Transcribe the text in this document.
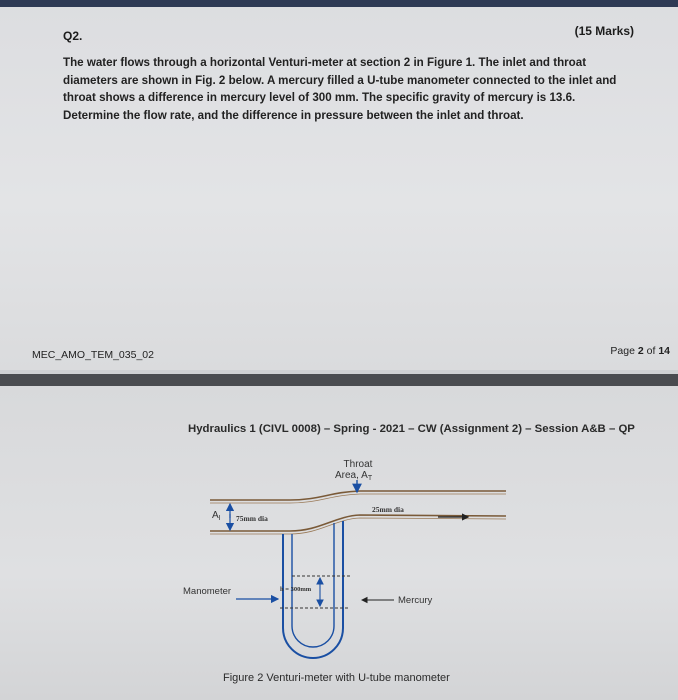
Q2.	(15 Marks)

The water flows through a horizontal Venturi-meter at section 2 in Figure 1. The inlet and throat diameters are shown in Fig. 2 below. A mercury filled a U-tube manometer connected to the inlet and throat shows a difference in mercury level of 300 mm. The specific gravity of mercury is 13.6. Determine the flow rate, and the difference in pressure between the inlet and throat.

MEC_AMO_TEM_035_02	Page 2 of 14
Hydraulics 1 (CIVL 0008) – Spring - 2021 – CW (Assignment 2) – Session A&B – QP
Throat
Area, $A_T$
$A_I$ 75mm dia
25mm dia
h = 300mm
Manometer
Mercury
Figure 2 Venturi-meter with U-tube manometer
